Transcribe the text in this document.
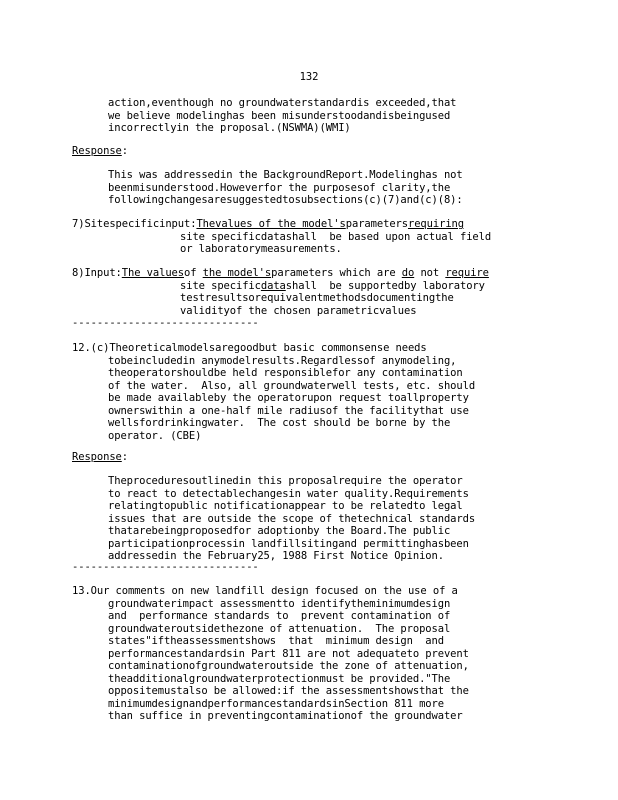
132
action,eventhough no groundwaterstandardis exceeded,that
we believe modelinghas been misunderstoodandisbeingused
incorrectlyin the proposal.(NSWMA)(WMI)
Response:
This was addressedin the BackgroundReport.Modelinghas not
beenmisunderstood.Howeverfor the purposesof clarity,the
followingchangesaresuggestedtosubsections(c)(7)and(c)(8):
7)Sitespecificinput:Thevalues of the model'sparametersrequiring
site specificdatashall  be based upon actual field
or laboratorymeasurements.
8)Input:The valuesof the model'sparameters which are do not require
site specificdatashall  be supportedby laboratory
testresultsorequivalentmethodsdocumentingthe
validityof the chosen parametricvalues
------------------------------
12.(c)Theoreticalmodelsaregoodbut basic commonsense needs
tobeincludedin anymodelresults.Regardlessof anymodeling,
theoperatorshouldbe held responsiblefor any contamination
of the water.  Also, all groundwaterwell tests, etc. should
be made availableby the operatorupon request toallproperty
ownerswithin a one-half mile radiusof the facilitythat use
wellsfordrinkingwater.  The cost should be borne by the
operator. (CBE)
Response:
Theproceduresoutlinedin this proposalrequire the operator
to react to detectablechangesin water quality.Requirements
relatingtopublic notificationappear to be relatedto legal
issues that are outside the scope of thetechnical standards
thatarebeingproposedfor adoptionby the Board.The public
participationprocessin landfillsitingand permittinghasbeen
addressedin the February25, 1988 First Notice Opinion.
------------------------------
13.Our comments on new landfill design focused on the use of a
groundwaterimpact assessmentto identifytheminimumdesign
and  performance standards to  prevent contamination of
groundwateroutsidethezone of attenuation.  The proposal
states"iftheassessmentshows  that  minimum design  and
performancestandardsin Part 811 are not adequateto prevent
contaminationofgroundwateroutside the zone of attenuation,
theadditionalgroundwaterprotectionmust be provided."The
oppositemustalso be allowed:if the assessmentshowsthat the
minimumdesignandperformancestandardsinSection 811 more
than suffice in preventingcontaminationof the groundwater
